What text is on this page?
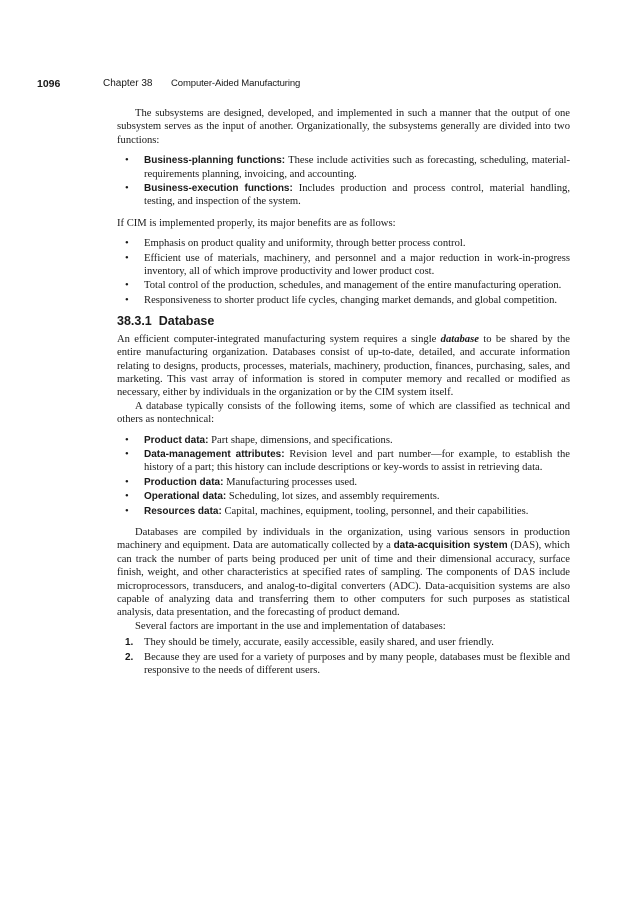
1096	Chapter 38 Computer-Aided Manufacturing

The subsystems are designed, developed, and implemented in such a manner that the output of one subsystem serves as the input of another. Organizationally, the subsystems generally are divided into two functions:

• Business-planning functions: These include activities such as forecasting, scheduling, material-requirements planning, invoicing, and accounting.
• Business-execution functions: Includes production and process control, material handling, testing, and inspection of the system.

If CIM is implemented properly, its major benefits are as follows:

• Emphasis on product quality and uniformity, through better process control.
• Efficient use of materials, machinery, and personnel and a major reduction in work-in-progress inventory, all of which improve productivity and lower product cost.
• Total control of the production, schedules, and management of the entire manufacturing operation.
• Responsiveness to shorter product life cycles, changing market demands, and global competition.
38.3.1 Database

An efficient computer-integrated manufacturing system requires a single database to be shared by the entire manufacturing organization. Databases consist of up-to-date, detailed, and accurate information relating to designs, products, processes, materials, machinery, production, finances, purchasing, sales, and marketing. This vast array of information is stored in computer memory and recalled or modified as necessary, either by individuals in the organization or by the CIM system itself.

A database typically consists of the following items, some of which are classified as technical and others as nontechnical:

• Product data: Part shape, dimensions, and specifications.
• Data-management attributes: Revision level and part number—for example, to establish the history of a part; this history can include descriptions or key-words to assist in retrieving data.
• Production data: Manufacturing processes used.
• Operational data: Scheduling, lot sizes, and assembly requirements.
• Resources data: Capital, machines, equipment, tooling, personnel, and their capabilities.

Databases are compiled by individuals in the organization, using various sensors in production machinery and equipment. Data are automatically collected by a data-acquisition system (DAS), which can track the number of parts being produced per unit of time and their dimensional accuracy, surface finish, weight, and other characteristics at specified rates of sampling. The components of DAS include microprocessors, transducers, and analog-to-digital converters (ADC). Data-acquisition systems are also capable of analyzing data and transferring them to other computers for such purposes as statistical analysis, data presentation, and the forecasting of product demand.

Several factors are important in the use and implementation of databases:

1. They should be timely, accurate, easily accessible, easily shared, and user friendly.
2. Because they are used for a variety of purposes and by many people, databases must be flexible and responsive to the needs of different users.
